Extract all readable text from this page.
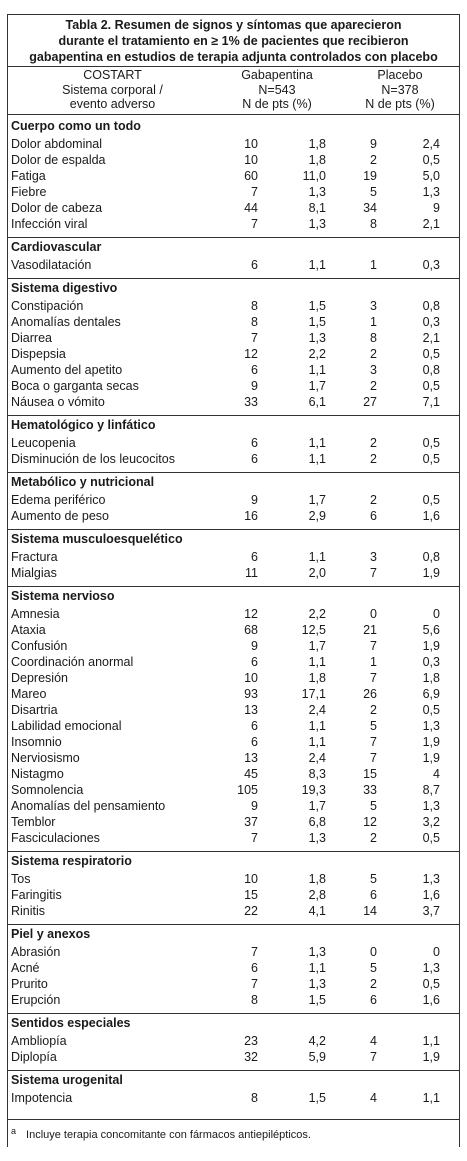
Tabla 2. Resumen de signos y síntomas que aparecieron
durante el tratamiento en ≥ 1% de pacientes que recibieron
gabapentina en estudios de terapia adjunta controlados con placebo
COSTART
Sistema corporal /
evento adverso
Gabapentina
N=543
N de pts (%)
Placebo
N=378
N de pts (%)
Cuerpo como un todo
Dolor abdominal	10	1,8	9	2,4
Dolor de espalda	10	1,8	2	0,5
Fatiga	60	11,0	19	5,0
Fiebre	7	1,3	5	1,3
Dolor de cabeza	44	8,1	34	9
Infección viral	7	1,3	8	2,1
Cardiovascular
Vasodilatación	6	1,1	1	0,3
Sistema digestivo
Constipación	8	1,5	3	0,8
Anomalías dentales	8	1,5	1	0,3
Diarrea	7	1,3	8	2,1
Dispepsia	12	2,2	2	0,5
Aumento del apetito	6	1,1	3	0,8
Boca o garganta secas	9	1,7	2	0,5
Náusea o vómito	33	6,1	27	7,1
Hematológico y linfático
Leucopenia	6	1,1	2	0,5
Disminución de los leucocitos	6	1,1	2	0,5
Metabólico y nutricional
Edema periférico	9	1,7	2	0,5
Aumento de peso	16	2,9	6	1,6
Sistema musculoesquelético
Fractura	6	1,1	3	0,8
Mialgias	11	2,0	7	1,9
Sistema nervioso
Amnesia	12	2,2	0	0
Ataxia	68	12,5	21	5,6
Confusión	9	1,7	7	1,9
Coordinación anormal	6	1,1	1	0,3
Depresión	10	1,8	7	1,8
Mareo	93	17,1	26	6,9
Disartria	13	2,4	2	0,5
Labilidad emocional	6	1,1	5	1,3
Insomnio	6	1,1	7	1,9
Nerviosismo	13	2,4	7	1,9
Nistagmo	45	8,3	15	4
Somnolencia	105	19,3	33	8,7
Anomalías del pensamiento	9	1,7	5	1,3
Temblor	37	6,8	12	3,2
Fasciculaciones	7	1,3	2	0,5
Sistema respiratorio
Tos	10	1,8	5	1,3
Faringitis	15	2,8	6	1,6
Rinitis	22	4,1	14	3,7
Piel y anexos
Abrasión	7	1,3	0	0
Acné	6	1,1	5	1,3
Prurito	7	1,3	2	0,5
Erupción	8	1,5	6	1,6
Sentidos especiales
Ambliopía	23	4,2	4	1,1
Diplopía	32	5,9	7	1,9
Sistema urogenital
Impotencia	8	1,5	4	1,1
$^a$ Incluye terapia concomitante con fármacos antiepilépticos.
